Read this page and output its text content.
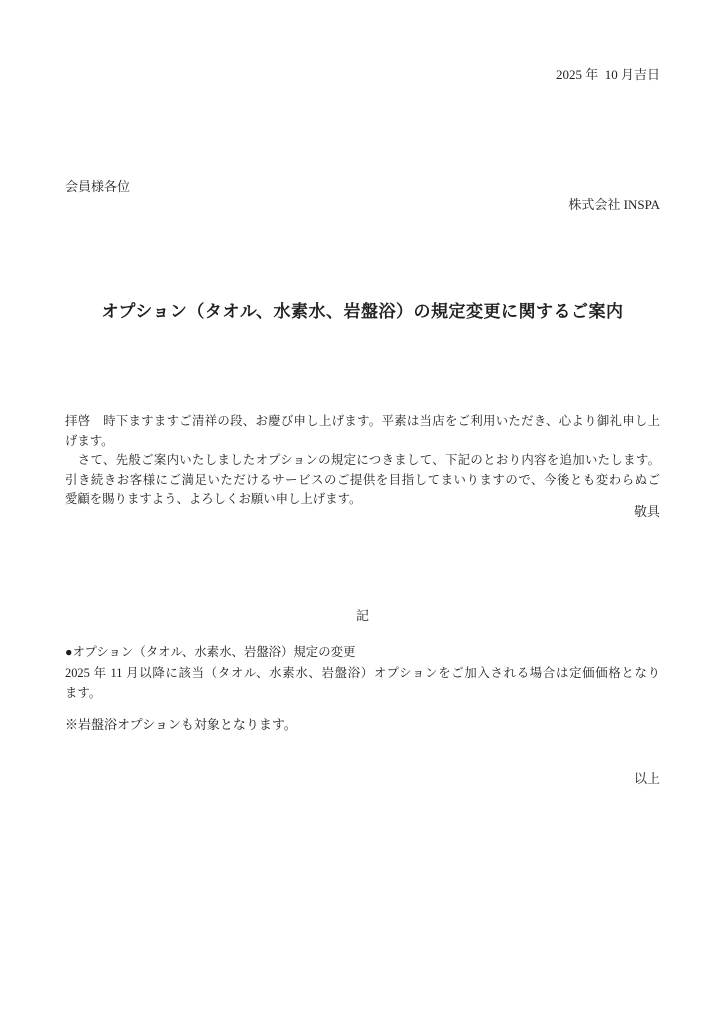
2025 年  10 月吉日
会員様各位
株式会社 INSPA
オプション（タオル、水素水、岩盤浴）の規定変更に関するご案内
拝啓　時下ますますご清祥の段、お慶び申し上げます。平素は当店をご利用いただき、心より御礼申し上
げます。
　さて、先般ご案内いたしましたオプションの規定につきまして、下記のとおり内容を追加いたします。
引き続きお客様にご満足いただけるサービスのご提供を目指してまいりますので、今後とも変わらぬご
愛顧を賜りますよう、よろしくお願い申し上げます。
敬具
記
●オプション（タオル、水素水、岩盤浴）規定の変更
2025 年 11 月以降に該当（タオル、水素水、岩盤浴）オプションをご加入される場合は定価価格となり
ます。
※岩盤浴オプションも対象となります。
以上
